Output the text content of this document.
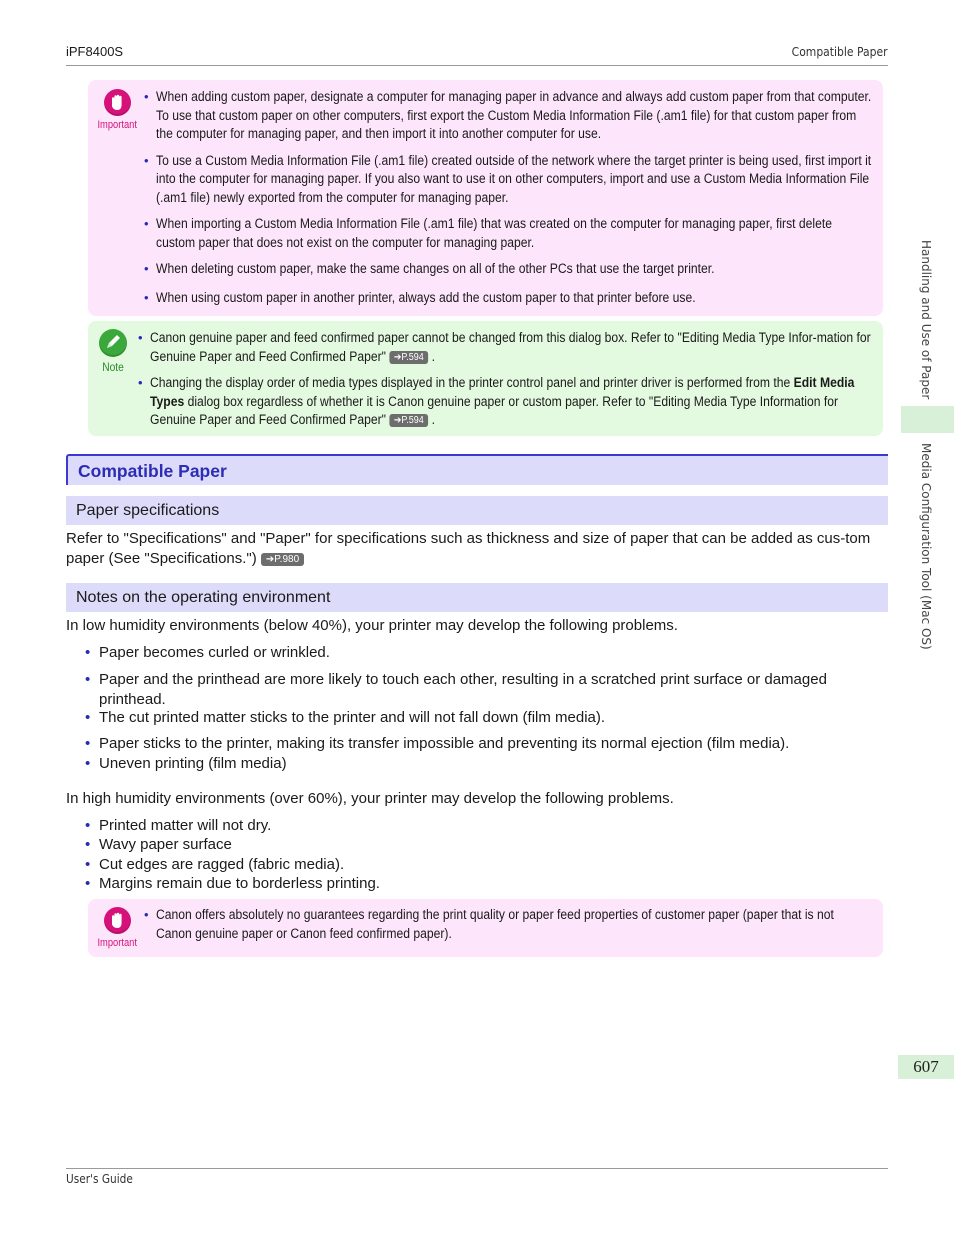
iPF8400S	Compatible Paper
Handling and Use of Paper
Media Configuration Tool (Mac OS)
Important
• When adding custom paper, designate a computer for managing paper in advance and always add custom paper from that computer. To use that custom paper on other computers, first export the Custom Media Information File (.am1 file) for that custom paper from the computer for managing paper, and then import it into another computer for use.
• To use a Custom Media Information File (.am1 file) created outside of the network where the target printer is being used, first import it into the computer for managing paper. If you also want to use it on other computers, import and use a Custom Media Information File (.am1 file) newly exported from the computer for managing paper.
• When importing a Custom Media Information File (.am1 file) that was created on the computer for managing paper, first delete custom paper that does not exist on the computer for managing paper.
• When deleting custom paper, make the same changes on all of the other PCs that use the target printer.
• When using custom paper in another printer, always add the custom paper to that printer before use.
Note
• Canon genuine paper and feed confirmed paper cannot be changed from this dialog box. Refer to "Editing Media Type Infor-mation for Genuine Paper and Feed Confirmed Paper" ➔P.594 .
• Changing the display order of media types displayed in the printer control panel and printer driver is performed from the Edit Media Types dialog box regardless of whether it is Canon genuine paper or custom paper. Refer to "Editing Media Type Information for Genuine Paper and Feed Confirmed Paper" ➔P.594 .
Compatible Paper
Paper specifications
Refer to "Specifications" and "Paper" for specifications such as thickness and size of paper that can be added as cus-tom paper (See "Specifications.") ➔P.980
Notes on the operating environment
In low humidity environments (below 40%), your printer may develop the following problems.
• Paper becomes curled or wrinkled.
• Paper and the printhead are more likely to touch each other, resulting in a scratched print surface or damaged printhead.
• The cut printed matter sticks to the printer and will not fall down (film media).
• Paper sticks to the printer, making its transfer impossible and preventing its normal ejection (film media).
• Uneven printing (film media)
In high humidity environments (over 60%), your printer may develop the following problems.
• Printed matter will not dry.
• Wavy paper surface
• Cut edges are ragged (fabric media).
• Margins remain due to borderless printing.
Important
• Canon offers absolutely no guarantees regarding the print quality or paper feed properties of customer paper (paper that is not Canon genuine paper or Canon feed confirmed paper).
607
User's Guide
